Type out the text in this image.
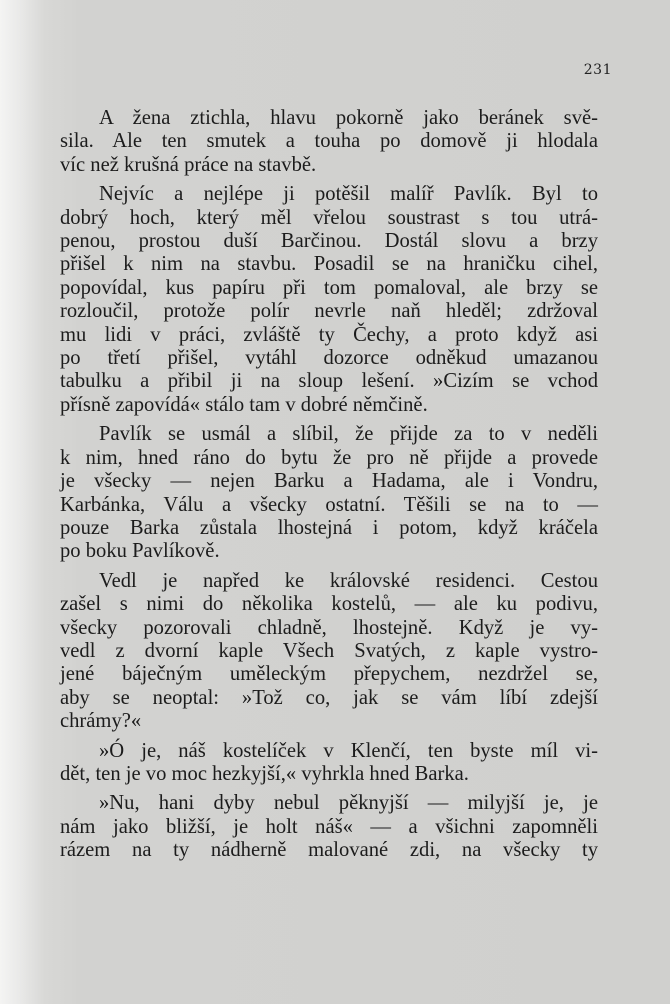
231
A žena ztichla, hlavu pokorně jako beránek svě-
sila. Ale ten smutek a touha po domově ji hlodala
víc než krušná práce na stavbě.
Nejvíc a nejlépe ji potěšil malíř Pavlík. Byl to
dobrý hoch, který měl vřelou soustrast s tou utrá-
penou, prostou duší Barčinou. Dostál slovu a brzy
přišel k nim na stavbu. Posadil se na hraničku cihel,
popovídal, kus papíru při tom pomaloval, ale brzy se
rozloučil, protože polír nevrle naň hleděl; zdržoval
mu lidi v práci, zvláště ty Čechy, a proto když asi
po třetí přišel, vytáhl dozorce odněkud umazanou
tabulku a přibil ji na sloup lešení. »Cizím se vchod
přísně zapovídá« stálo tam v dobré němčině.
Pavlík se usmál a slíbil, že přijde za to v neděli
k nim, hned ráno do bytu že pro ně přijde a provede
je všecky — nejen Barku a Hadama, ale i Vondru,
Karbánka, Válu a všecky ostatní. Těšili se na to —
pouze Barka zůstala lhostejná i potom, když kráčela
po boku Pavlíkově.
Vedl je napřed ke královské residenci. Cestou
zašel s nimi do několika kostelů, — ale ku podivu,
všecky pozorovali chladně, lhostejně. Když je vy-
vedl z dvorní kaple Všech Svatých, z kaple vystro-
jené báječným uměleckým přepychem, nezdržel se,
aby se neoptal: »Tož co, jak se vám líbí zdejší
chrámy?«
»Ó je, náš kostelíček v Klenčí, ten byste míl vi-
dět, ten je vo moc hezkyjší,« vyhrkla hned Barka.
»Nu, hani dyby nebul pěknyjší — milyjší je, je
nám jako bližší, je holt náš« — a všichni zapomněli
rázem na ty nádherně malované zdi, na všecky ty
